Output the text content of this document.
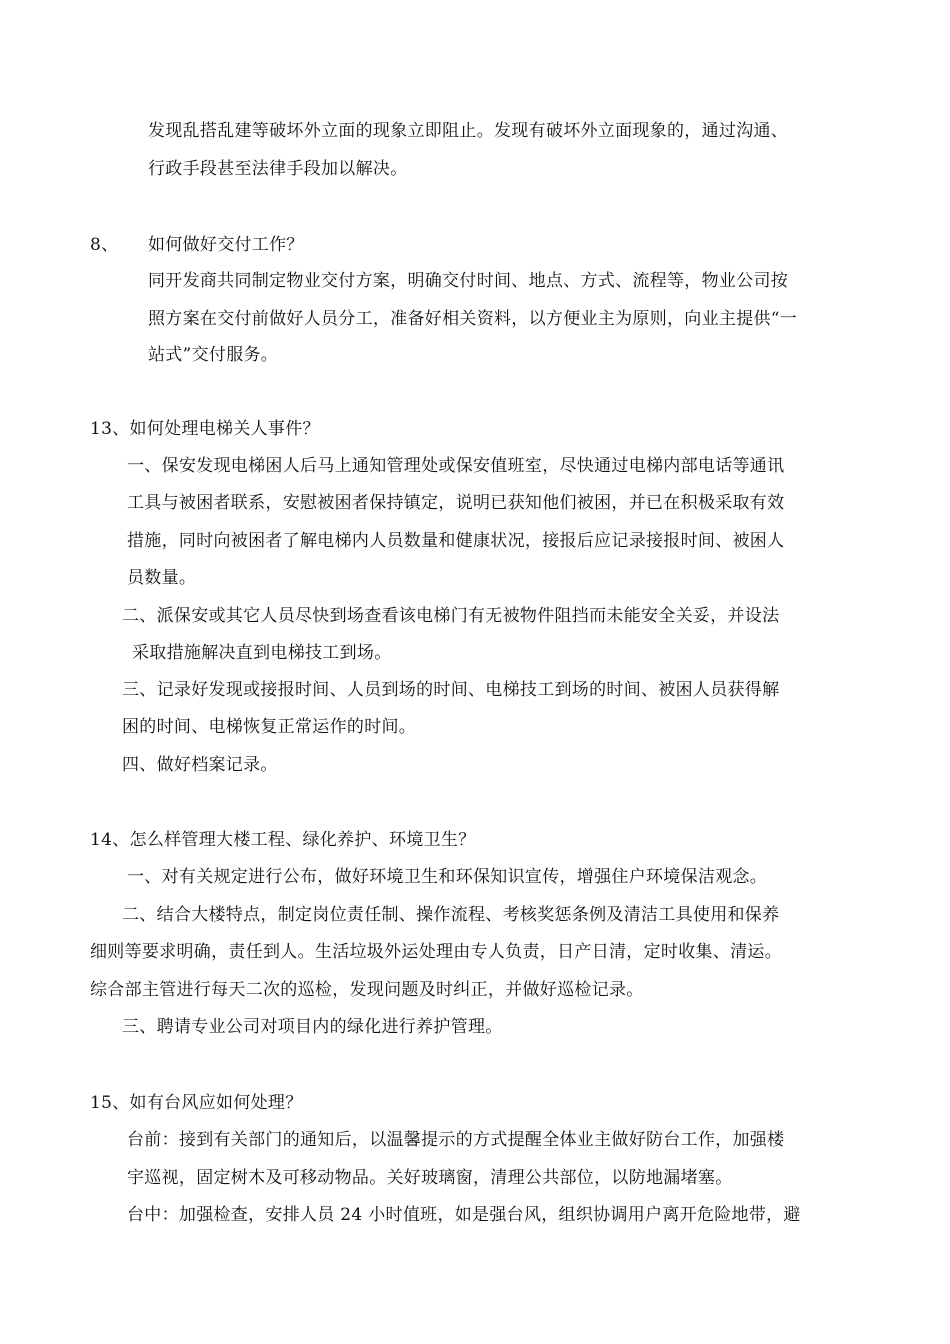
发现乱搭乱建等破坏外立面的现象立即阻止。发现有破坏外立面现象的，通过沟通、
行政手段甚至法律手段加以解决。
8、 如何做好交付工作？
同开发商共同制定物业交付方案，明确交付时间、地点、方式、流程等，物业公司按
照方案在交付前做好人员分工，准备好相关资料，以方便业主为原则，向业主提供“一
站式”交付服务。
13、如何处理电梯关人事件？
一、保安发现电梯困人后马上通知管理处或保安值班室，尽快通过电梯内部电话等通讯
工具与被困者联系，安慰被困者保持镇定，说明已获知他们被困，并已在积极采取有效
措施，同时向被困者了解电梯内人员数量和健康状况，接报后应记录接报时间、被困人
员数量。
二、派保安或其它人员尽快到场查看该电梯门有无被物件阻挡而未能安全关妥，并设法
采取措施解决直到电梯技工到场。
三、记录好发现或接报时间、人员到场的时间、电梯技工到场的时间、被困人员获得解
困的时间、电梯恢复正常运作的时间。
四、做好档案记录。
14、怎么样管理大楼工程、绿化养护、环境卫生？
一、对有关规定进行公布，做好环境卫生和环保知识宣传，增强住户环境保洁观念。
二、结合大楼特点，制定岗位责任制、操作流程、考核奖惩条例及清洁工具使用和保养
细则等要求明确，责任到人。生活垃圾外运处理由专人负责，日产日清，定时收集、清运。
综合部主管进行每天二次的巡检，发现问题及时纠正，并做好巡检记录。
三、聘请专业公司对项目内的绿化进行养护管理。
15、如有台风应如何处理？
台前：接到有关部门的通知后，以温馨提示的方式提醒全体业主做好防台工作，加强楼
宇巡视，固定树木及可移动物品。关好玻璃窗，清理公共部位，以防地漏堵塞。
台中：加强检查，安排人员 24 小时值班，如是强台风，组织协调用户离开危险地带，避
